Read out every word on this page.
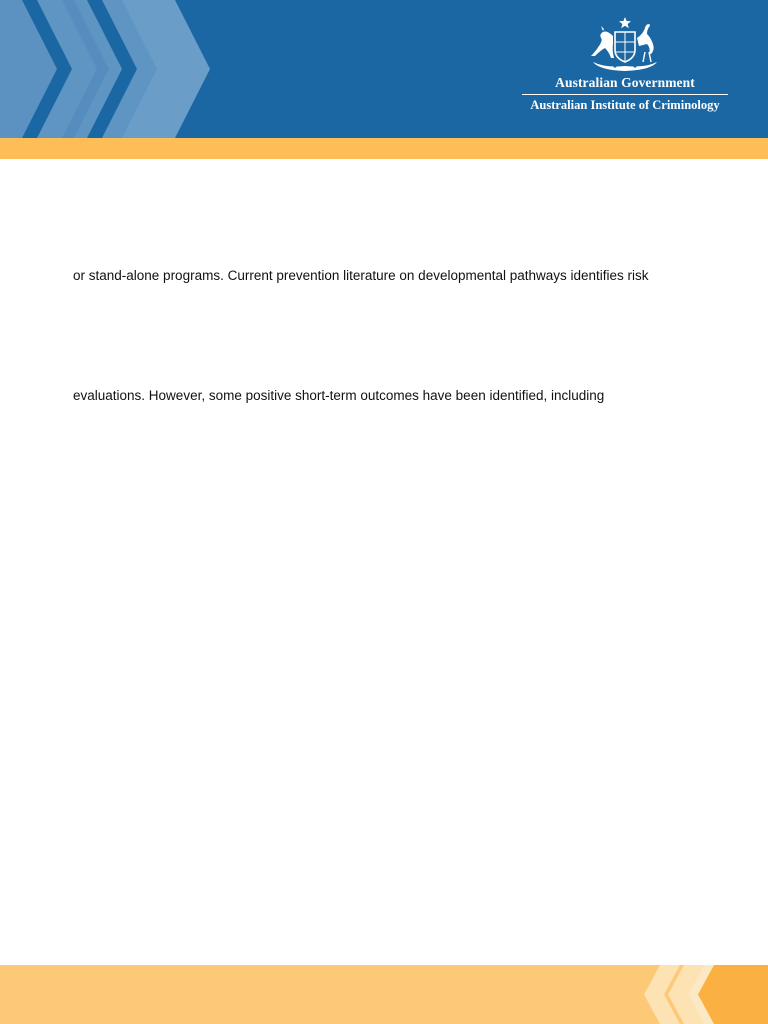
Australian Government
Australian Institute of Criminology
or stand-alone programs. Current prevention literature on developmental pathways identifies risk
evaluations. However, some positive short-term outcomes have been identified, including
